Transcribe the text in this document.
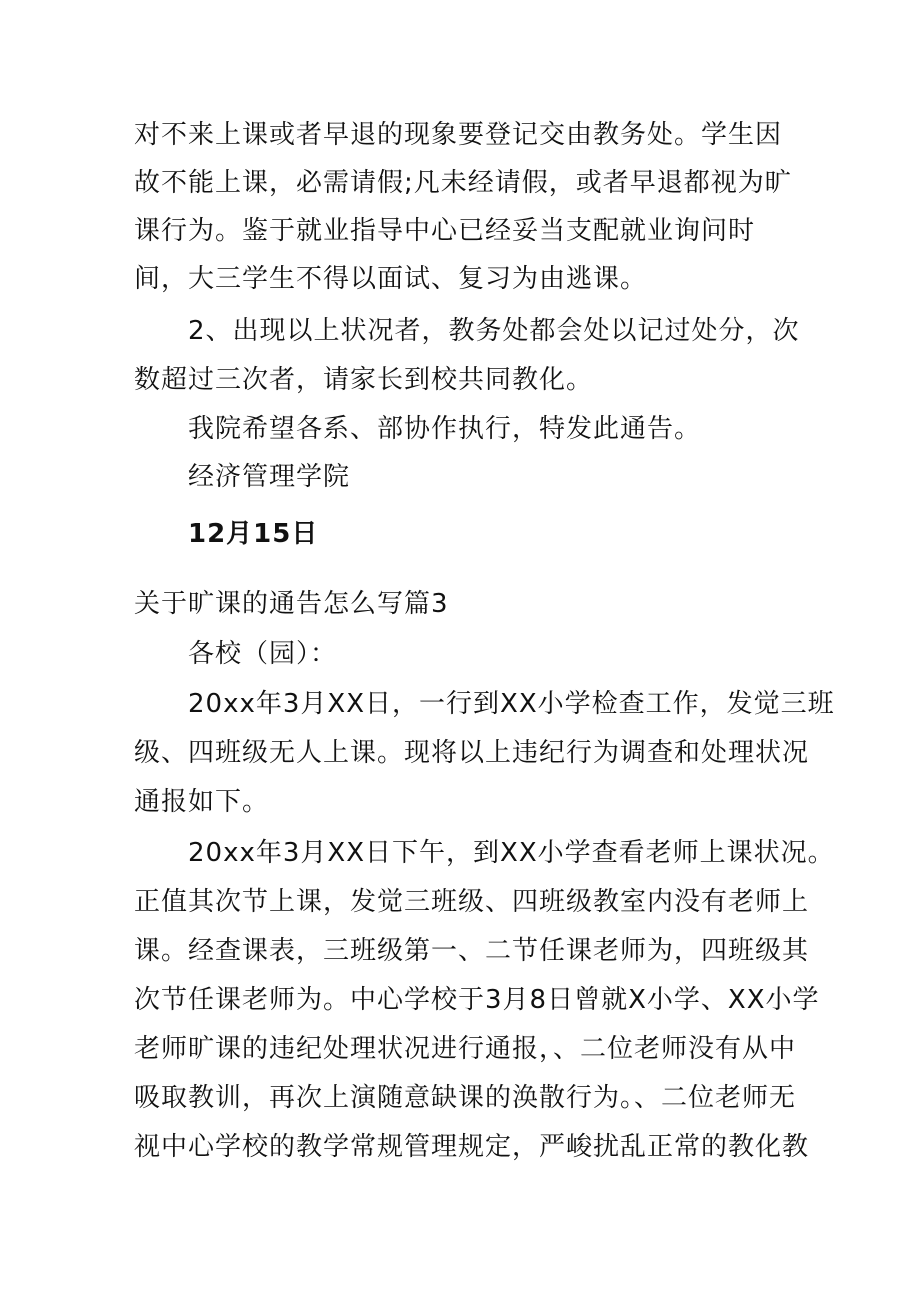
对不来上课或者早退的现象要登记交由教务处。学生因
故不能上课，必需请假;凡未经请假，或者早退都视为旷
课行为。鉴于就业指导中心已经妥当支配就业询问时
间，大三学生不得以面试、复习为由逃课。
2、出现以上状况者，教务处都会处以记过处分，次
数超过三次者，请家长到校共同教化。
我院希望各系、部协作执行，特发此通告。
经济管理学院
12月15日
关于旷课的通告怎么写篇3
各校（园）：
20xx年3月XX日，一行到XX小学检查工作，发觉三班
级、四班级无人上课。现将以上违纪行为调查和处理状况
通报如下。
20xx年3月XX日下午，到XX小学查看老师上课状况。
正值其次节上课，发觉三班级、四班级教室内没有老师上
课。经查课表，三班级第一、二节任课老师为，四班级其
次节任课老师为。中心学校于3月8日曾就X小学、XX小学
老师旷课的违纪处理状况进行通报，、二位老师没有从中
吸取教训，再次上演随意缺课的涣散行为。、二位老师无
视中心学校的教学常规管理规定，严峻扰乱正常的教化教
